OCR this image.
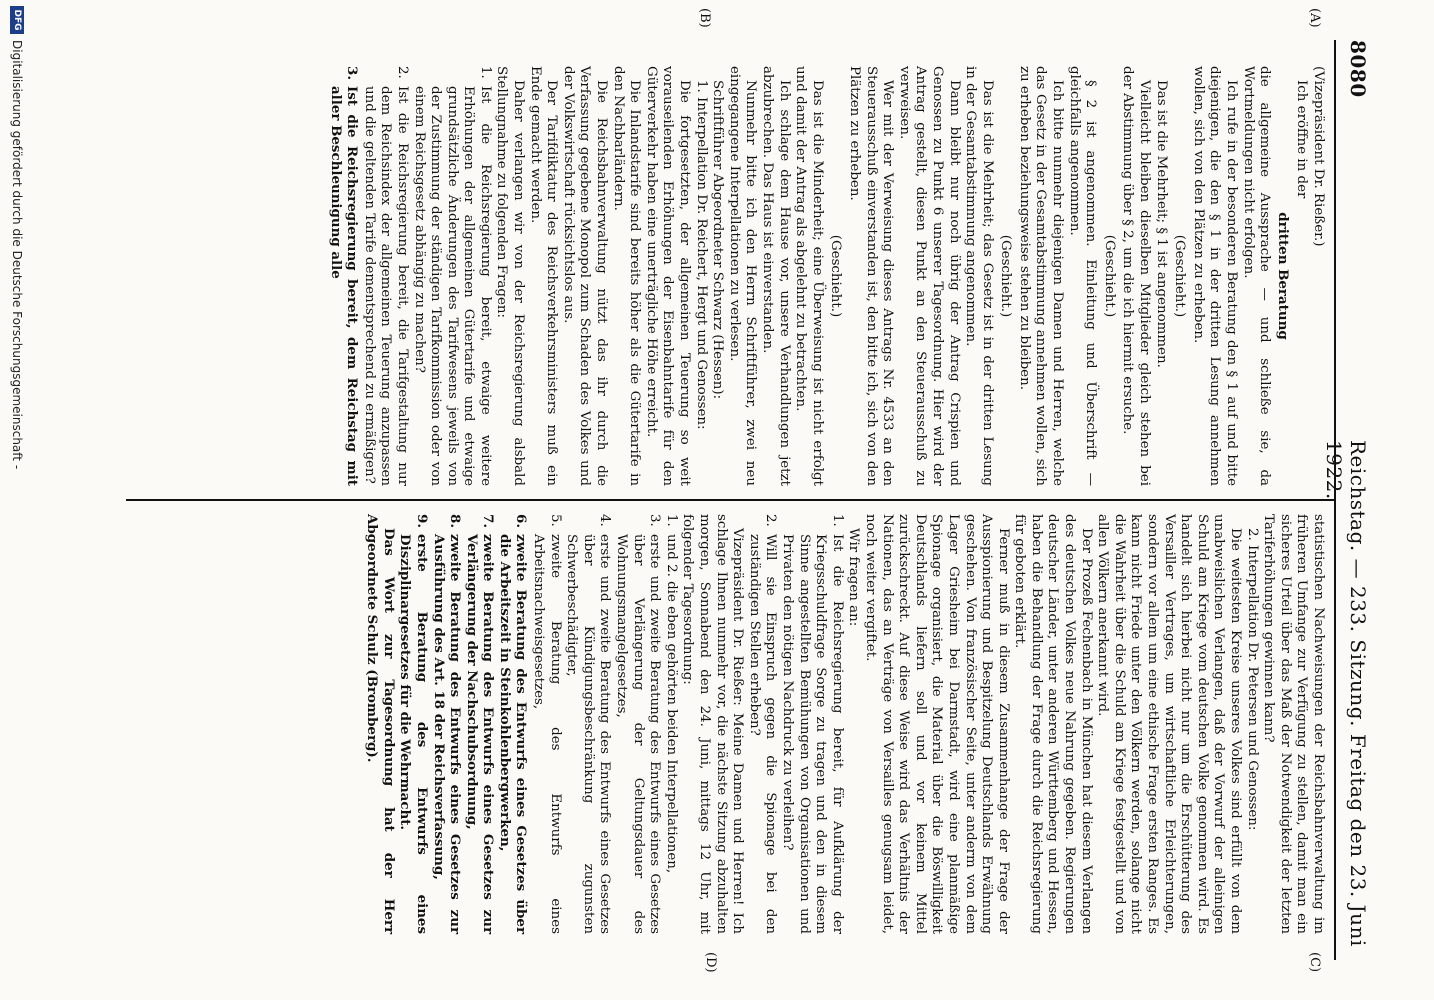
8080
Reichstag. — 233. Sitzung. Freitag den 23. Juni 1922.
(A)
(B)
(C)
(D)

(Vizepräsident Dr. Rießer.)

Ich eröffne in der

dritten Beratung

die allgemeine Aussprache — und schließe sie, da Wortmeldungen nicht erfolgen.

Ich rufe in der besonderen Beratung den § 1 auf und bitte diejenigen, die den § 1 in der dritten Lesung annehmen wollen, sich von den Plätzen zu erheben.

(Geschieht.)

Das ist die Mehrheit; § 1 ist angenommen.

Vielleicht bleiben dieselben Mitglieder gleich stehen bei der Abstimmung über § 2, um die ich hiermit ersuche.

(Geschieht.)

§ 2 ist angenommen. Einleitung und Überschrift — gleichfalls angenommen.

Ich bitte nunmehr diejenigen Damen und Herren, welche das Gesetz in der Gesamtabstimmung annehmen wollen, sich zu erheben beziehungsweise stehen zu bleiben.

(Geschieht.)

Das ist die Mehrheit; das Gesetz ist in der dritten Lesung in der Gesamtabstimmung angenommen.

Dann bleibt nur noch übrig der Antrag Crispien und Genossen zu Punkt 6 unserer Tagesordnung. Hier wird der Antrag gestellt, diesen Punkt an den Steuerausschuß zu verweisen.

Wer mit der Verweisung dieses Antrags Nr. 4533 an den Steuerausschuß einverstanden ist, den bitte ich, sich von den Plätzen zu erheben.

(Geschieht.)

Das ist die Minderheit; eine Überweisung ist nicht erfolgt und damit der Antrag als abgelehnt zu betrachten.

Ich schlage dem Hause vor, unsere Verhandlungen jetzt abzubrechen. Das Haus ist einverstanden.

Nunmehr bitte ich den Herrn Schriftführer, zwei neu eingegangene Interpellationen zu verlesen.

Schriftführer Abgeordneter Schwarz (Hessen):

1. Interpellation Dr. Reichert, Hergt und Genossen:

Die fortgesetzten, der allgemeinen Teuerung so weit vorauseilenden Erhöhungen der Eisenbahntarife für den Güterverkehr haben eine unerträgliche Höhe erreicht.

Die Inlandstarife sind bereits höher als die Gütertarife in den Nachbarländern.

Die Reichsbahnverwaltung nützt das ihr durch die Verfassung gegebene Monopol zum Schaden des Volkes und der Volkswirtschaft rücksichtslos aus.

Der Tarifdiktatur des Reichsverkehrsministers muß ein Ende gemacht werden.

Daher verlangen wir von der Reichsregierung alsbald Stellungnahme zu folgenden Fragen:

1.
Ist die Reichsregierung bereit, etwaige weitere Erhöhungen der allgemeinen Gütertarife und etwaige grundsätzliche Änderungen des Tarifwesens jeweils von der Zustimmung der ständigen Tarifkommission oder von einem Reichsgesetz abhängig zu machen?

2.
Ist die Reichsregierung bereit, die Tarifgestaltung nur dem Reichsindex der allgemeinen Teuerung anzupassen und die geltenden Tarife dementsprechend zu ermäßigen?

3.
Ist die Reichsregierung bereit, dem Reichstag mit aller Beschleunigung alle

statistischen Nachweisungen der Reichsbahnverwaltung im früheren Umfange zur Verfügung zu stellen, damit man ein sicheres Urteil über das Maß der Notwendigkeit der letzten Tariferhöhungen gewinnen kann?

2. Interpellation Dr. Petersen und Genossen:

Die weitesten Kreise unseres Volkes sind erfüllt von dem unabweislichen Verlangen, daß der Vorwurf der alleinigen Schuld am Kriege vom deutschen Volke genommen wird. Es handelt sich hierbei nicht nur um die Erschütterung des Versailler Vertrages, um wirtschaftliche Erleichterungen, sondern vor allem um eine ethische Frage ersten Ranges. Es kann nicht Friede unter den Völkern werden, solange nicht die Wahrheit über die Schuld am Kriege festgestellt und von allen Völkern anerkannt wird.

Der Prozeß Fechenbach in München hat diesem Verlangen des deutschen Volkes neue Nahrung gegeben. Regierungen deutscher Länder, unter anderen Württemberg und Hessen, haben die Behandlung der Frage durch die Reichsregierung für geboten erklärt.

Ferner muß in diesem Zusammenhange der Frage der Ausspionierung und Bespitzelung Deutschlands Erwähnung geschehen. Von französischer Seite, unter anderm von dem Lager Griesheim bei Darmstadt, wird eine planmäßige Spionage organisiert, die Material über die Böswilligkeit Deutschlands liefern soll und vor keinem Mittel zurückschreckt. Auf diese Weise wird das Verhältnis der Nationen, das an Verträge von Versailles genugsam leidet, noch weiter vergiftet.

Wir fragen an:

1.
Ist die Reichsregierung bereit, für Aufklärung der Kriegsschuldfrage Sorge zu tragen und den in diesem Sinne angestellten Bemühungen von Organisationen und Privaten den nötigen Nachdruck zu verleihen?

2.
Will sie Einspruch gegen die Spionage bei den zuständigen Stellen erheben?

Vizepräsident Dr. Rießer: Meine Damen und Herren! Ich schlage Ihnen nunmehr vor, die nächste Sitzung abzuhalten morgen, Sonnabend den 24. Juni, mittags 12 Uhr, mit folgender Tagesordnung:

1.
und 2. die eben gehörten beiden Interpellationen,

3.
erste und zweite Beratung des Entwurfs eines Gesetzes über Verlängerung der Geltungsdauer des Wohnungsmangelgesetzes,

4.
erste und zweite Beratung des Entwurfs eines Gesetzes über Kündigungsbeschränkung zugunsten Schwerbeschädigter,

5.
zweite Beratung des Entwurfs eines Arbeitsnachweisgesetzes,

6.
zweite Beratung des Entwurfs eines Gesetzes über die Arbeitszeit in Steinkohlenbergwerken,

7.
zweite Beratung des Entwurfs eines Gesetzes zur Verlängerung der Nachschubsordnung,

8.
zweite Beratung des Entwurfs eines Gesetzes zur Ausführung des Art. 18 der Reichsverfassung,

9.
erste Beratung des Entwurfs eines Disziplinargesetzes für die Wehrmacht.

Das Wort zur Tagesordnung hat der Herr Abgeordnete Schulz (Bromberg).

DFG
Digitalisierung gefördert durch die Deutsche Forschungsgemeinschaft -
